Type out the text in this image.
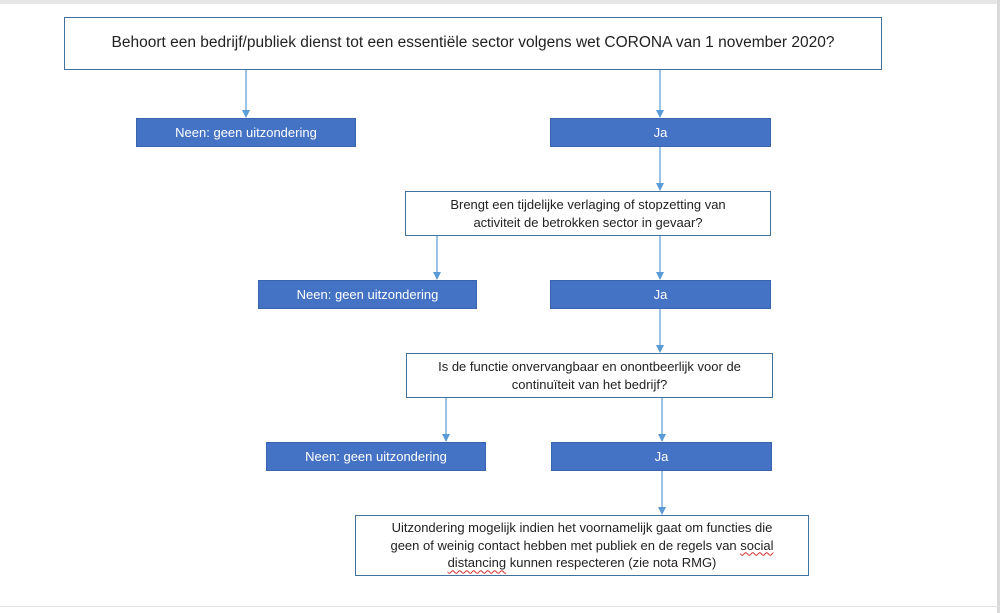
Behoort een bedrijf/publiek dienst tot een essentiële sector volgens wet CORONA van 1 november 2020?
Neen: geen uitzondering	Ja
Brengt een tijdelijke verlaging of stopzetting van
activiteit de betrokken sector in gevaar?
Neen: geen uitzondering	Ja
Is de functie onvervangbaar en onontbeerlijk voor de
continuïteit van het bedrijf?
Neen: geen uitzondering	Ja
Uitzondering mogelijk indien het voornamelijk gaat om functies die
geen of weinig contact hebben met publiek en de regels van social
distancing kunnen respecteren (zie nota RMG)
